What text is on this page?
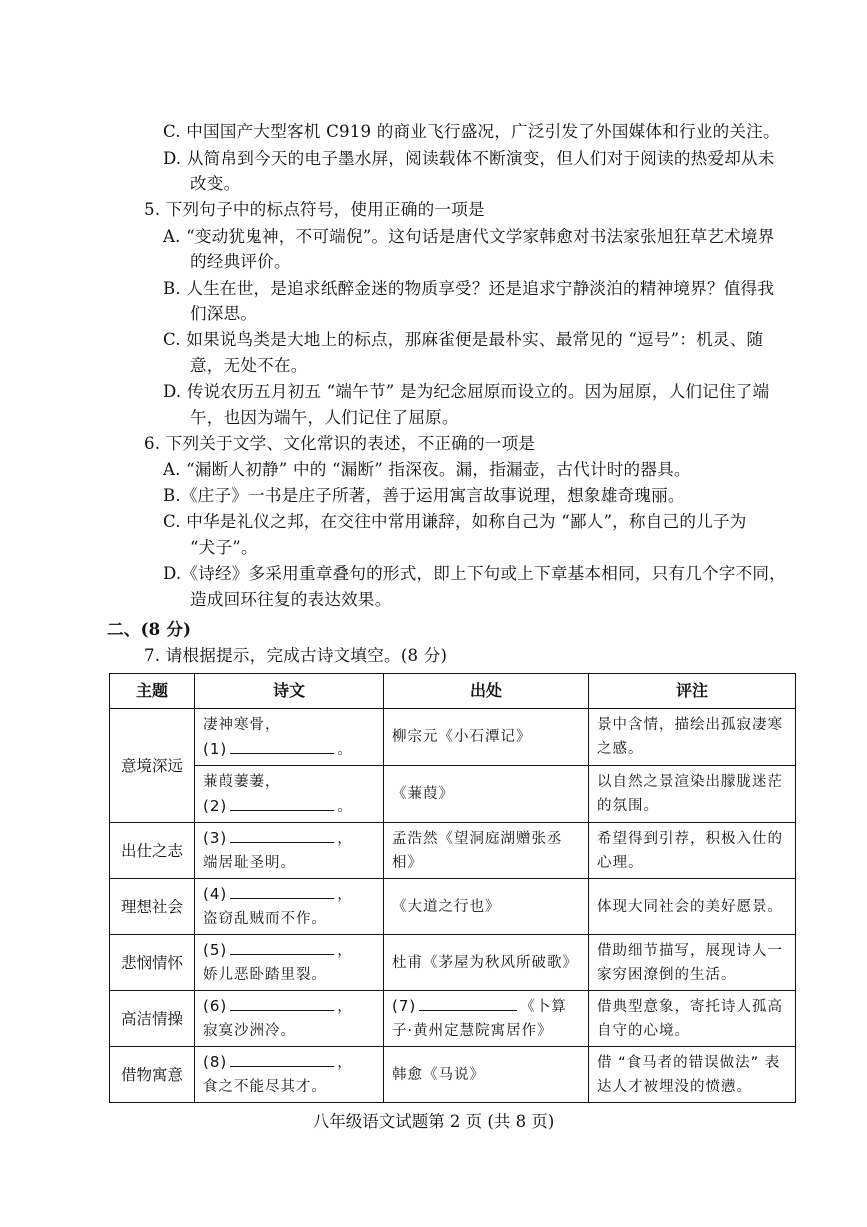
C. 中国国产大型客机 C919 的商业飞行盛况，广泛引发了外国媒体和行业的关注。
D. 从简帛到今天的电子墨水屏，阅读载体不断演变，但人们对于阅读的热爱却从未
改变。
5. 下列句子中的标点符号，使用正确的一项是
A. “变动犹鬼神，不可端倪”。这句话是唐代文学家韩愈对书法家张旭狂草艺术境界
的经典评价。
B. 人生在世，是追求纸醉金迷的物质享受？还是追求宁静淡泊的精神境界？值得我
们深思。
C. 如果说鸟类是大地上的标点，那麻雀便是最朴实、最常见的 “逗号”：机灵、随
意，无处不在。
D. 传说农历五月初五 “端午节” 是为纪念屈原而设立的。因为屈原，人们记住了端
午，也因为端午，人们记住了屈原。
6. 下列关于文学、文化常识的表述，不正确的一项是
A. “漏断人初静” 中的 “漏断” 指深夜。漏，指漏壶，古代计时的器具。
B.《庄子》一书是庄子所著，善于运用寓言故事说理，想象雄奇瑰丽。
C. 中华是礼仪之邦，在交往中常用谦辞，如称自己为 “鄙人”，称自己的儿子为
“犬子”。
D.《诗经》多采用重章叠句的形式，即上下句或上下章基本相同，只有几个字不同，
造成回环往复的表达效果。
二、(8 分)
7. 请根据提示，完成古诗文填空。(8 分)
主题	诗文	出处	评注
意境深远	凄神寒骨，
(1) 。	柳宗元《小石潭记》	景中含情，描绘出孤寂凄寒之感。

	蒹葭萋萋，
(2) 。	《蒹葭》	以自然之景渲染出朦胧迷茫的氛围。
出仕之志	(3) ，
端居耻圣明。	孟浩然《望洞庭湖赠张丞相》	希望得到引荐，积极入仕的心理。
理想社会	(4) ，
盗窃乱贼而不作。	《大道之行也》	体现大同社会的美好愿景。
悲悯情怀	(5) ，
娇儿恶卧踏里裂。	杜甫《茅屋为秋风所破歌》	借助细节描写，展现诗人一家穷困潦倒的生活。
高洁情操	(6) ，
寂寞沙洲冷。	(7) 《卜算子·黄州定慧院寓居作》	借典型意象，寄托诗人孤高自守的心境。
借物寓意	(8) ，
食之不能尽其才。	韩愈《马说》	借 “食马者的错误做法” 表达人才被埋没的愤懑。
八年级语文试题第 2 页 (共 8 页)
